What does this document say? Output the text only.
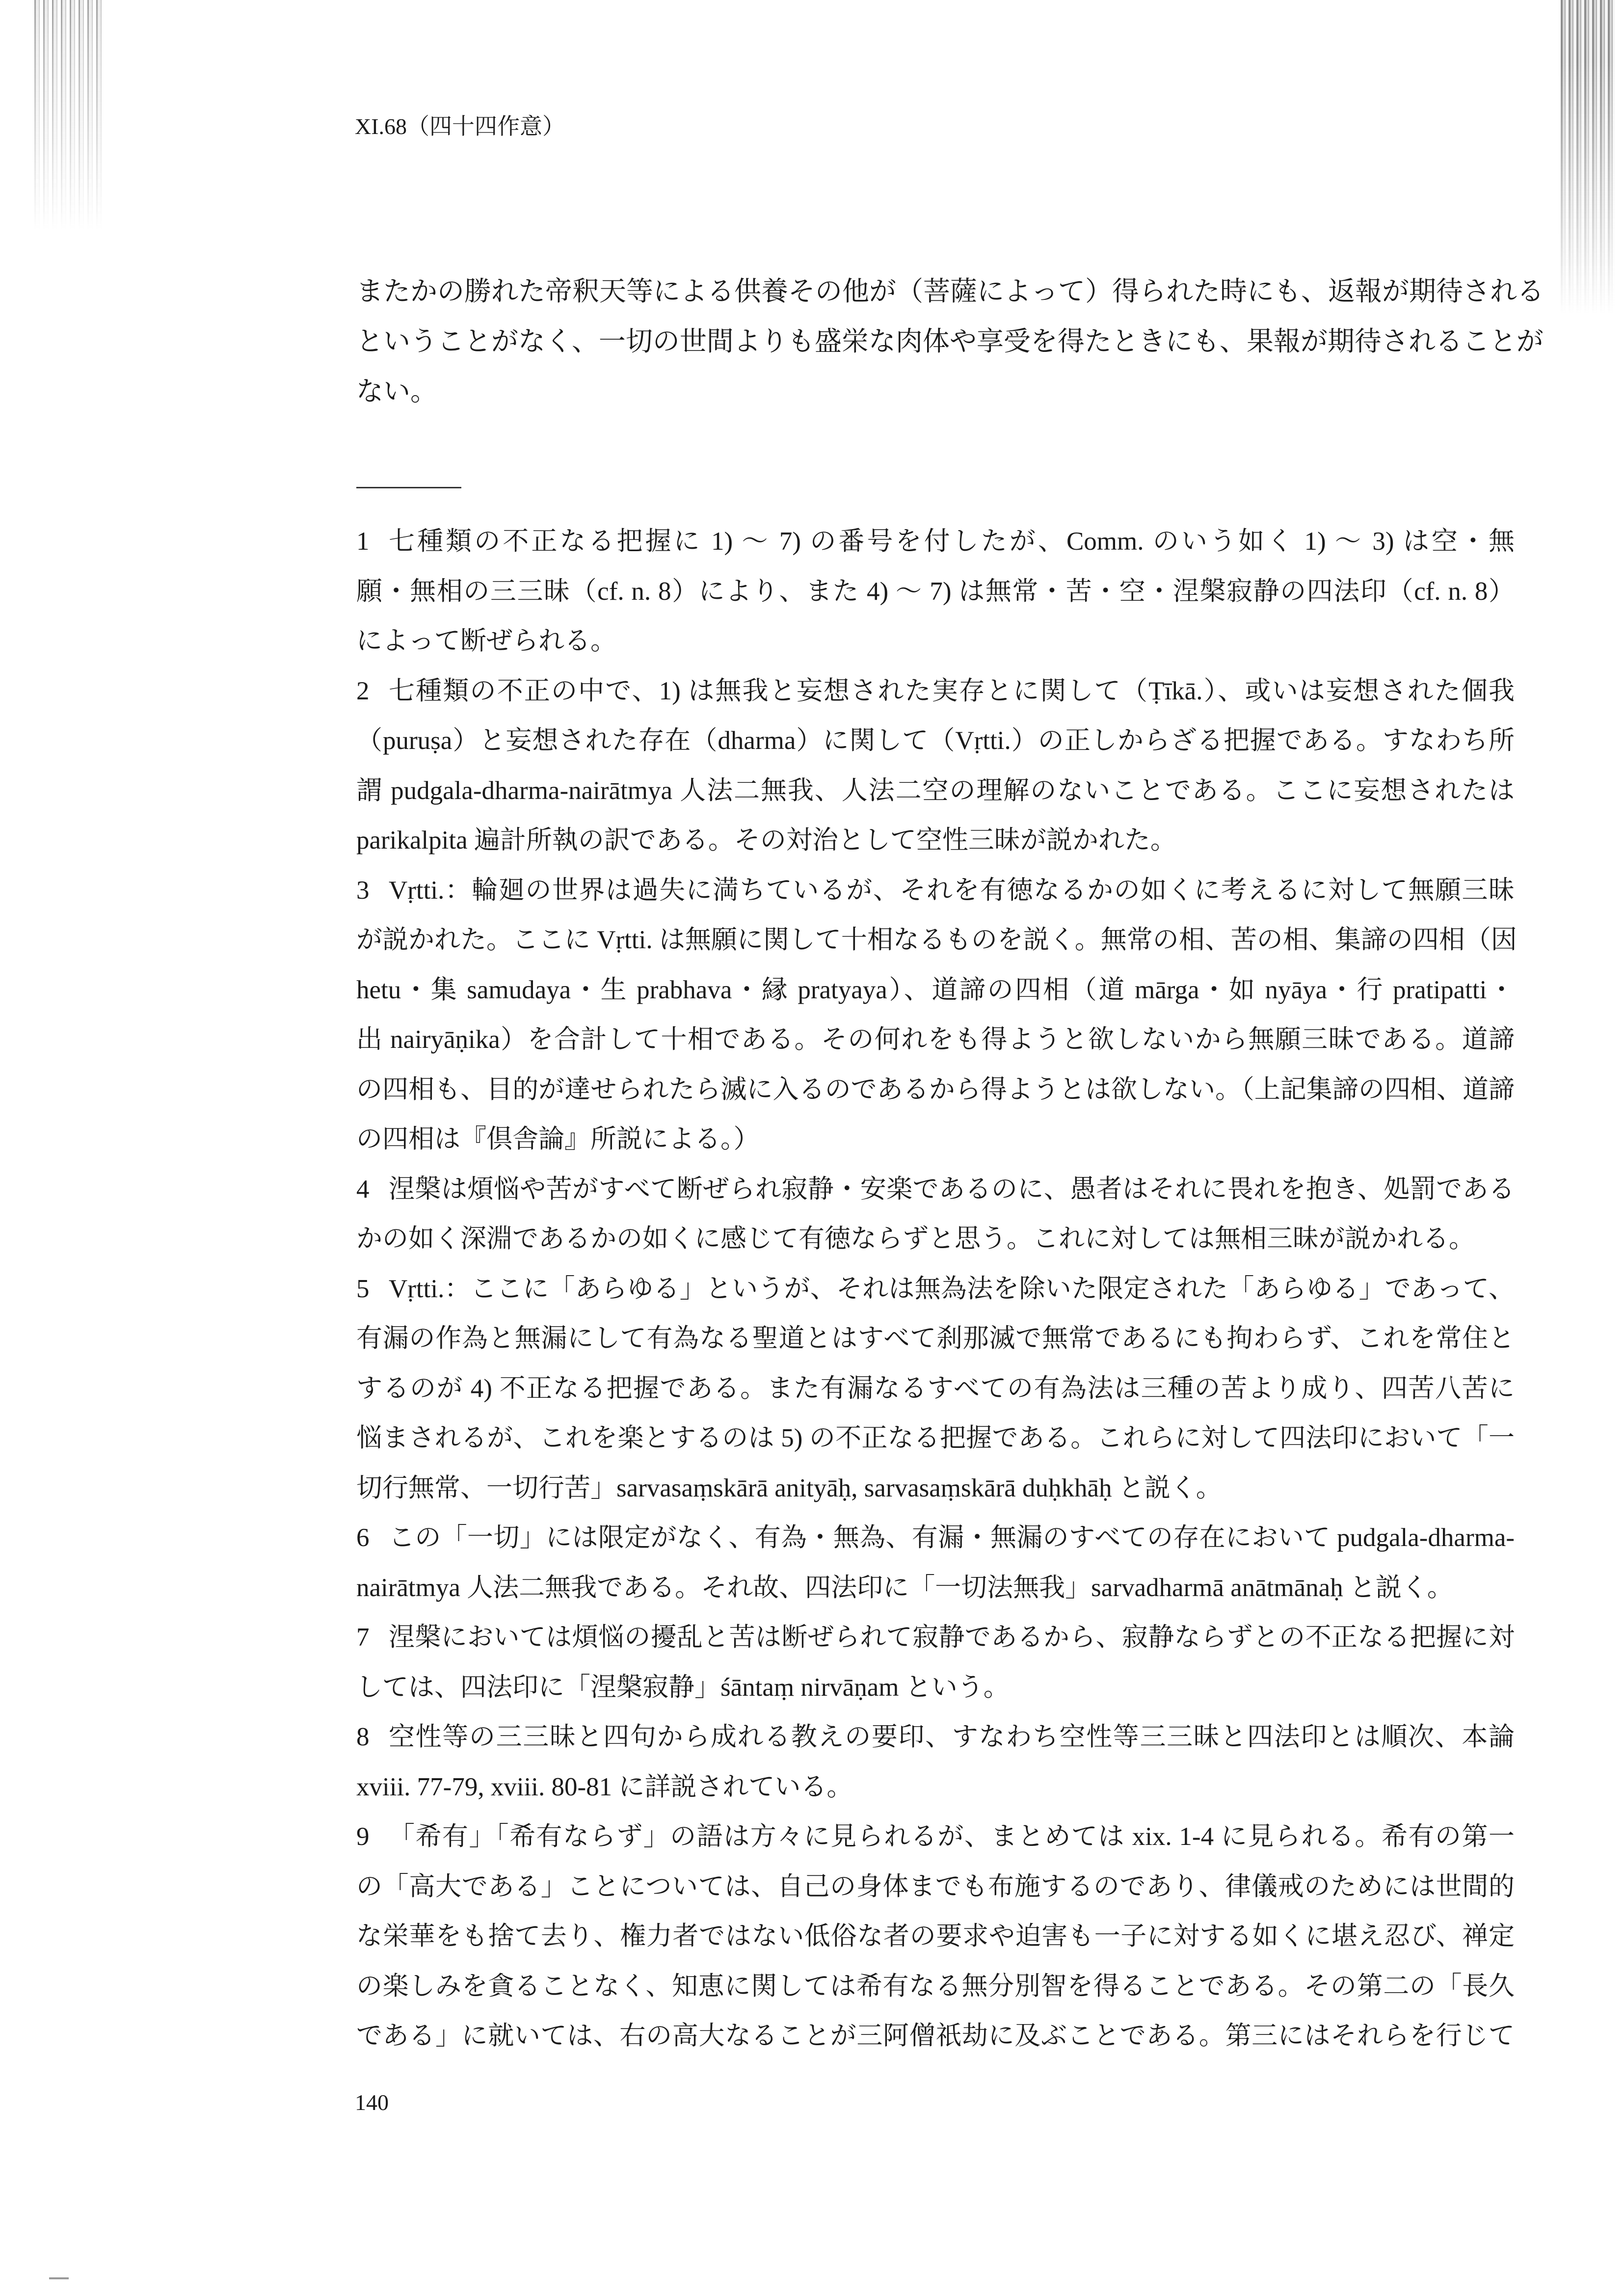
XI.68（四十四作意）
またかの勝れた帝釈天等による供養その他が（菩薩によって）得られた時にも、返報が期待される
ということがなく、一切の世間よりも盛栄な肉体や享受を得たときにも、果報が期待されることが
ない。
1 七種類の不正なる把握に 1) ～ 7) の番号を付したが、Comm. のいう如く 1) ～ 3) は空・無
願・無相の三三昧（cf. n. 8）により、また 4) ～ 7) は無常・苦・空・涅槃寂静の四法印（cf. n. 8）
によって断ぜられる。
2 七種類の不正の中で、1) は無我と妄想された実存とに関して（Ṭīkā.）、或いは妄想された個我
（puruṣa）と妄想された存在（dharma）に関して（Vṛtti.）の正しからざる把握である。すなわち所
謂 pudgala-dharma-nairātmya 人法二無我、人法二空の理解のないことである。ここに妄想されたは
parikalpita 遍計所執の訳である。その対治として空性三昧が説かれた。
3 Vṛtti.：輪廻の世界は過失に満ちているが、それを有徳なるかの如くに考えるに対して無願三昧
が説かれた。ここに Vṛtti. は無願に関して十相なるものを説く。無常の相、苦の相、集諦の四相（因
hetu・集 samudaya・生 prabhava・縁 pratyaya）、道諦の四相（道 mārga・如 nyāya・行 pratipatti・
出 nairyāṇika）を合計して十相である。その何れをも得ようと欲しないから無願三昧である。道諦
の四相も、目的が達せられたら滅に入るのであるから得ようとは欲しない。（上記集諦の四相、道諦
の四相は『倶舎論』所説による。）
4 涅槃は煩悩や苦がすべて断ぜられ寂静・安楽であるのに、愚者はそれに畏れを抱き、処罰である
かの如く深淵であるかの如くに感じて有徳ならずと思う。これに対しては無相三昧が説かれる。
5 Vṛtti.：ここに「あらゆる」というが、それは無為法を除いた限定された「あらゆる」であって、
有漏の作為と無漏にして有為なる聖道とはすべて刹那滅で無常であるにも拘わらず、これを常住と
するのが 4) 不正なる把握である。また有漏なるすべての有為法は三種の苦より成り、四苦八苦に
悩まされるが、これを楽とするのは 5) の不正なる把握である。これらに対して四法印において「一
切行無常、一切行苦」sarvasaṃskārā anityāḥ, sarvasaṃskārā duḥkhāḥ と説く。
6 この「一切」には限定がなく、有為・無為、有漏・無漏のすべての存在において pudgala-dharma-
nairātmya 人法二無我である。それ故、四法印に「一切法無我」sarvadharmā anātmānaḥ と説く。
7 涅槃においては煩悩の擾乱と苦は断ぜられて寂静であるから、寂静ならずとの不正なる把握に対
しては、四法印に「涅槃寂静」śāntaṃ nirvāṇam という。
8 空性等の三三昧と四句から成れる教えの要印、すなわち空性等三三昧と四法印とは順次、本論
xviii. 77-79, xviii. 80-81 に詳説されている。
9 「希有」「希有ならず」の語は方々に見られるが、まとめては xix. 1-4 に見られる。希有の第一
の「高大である」ことについては、自己の身体までも布施するのであり、律儀戒のためには世間的
な栄華をも捨て去り、権力者ではない低俗な者の要求や迫害も一子に対する如くに堪え忍び、禅定
の楽しみを貪ることなく、知恵に関しては希有なる無分別智を得ることである。その第二の「長久
である」に就いては、右の高大なることが三阿僧祇劫に及ぶことである。第三にはそれらを行じて
140
